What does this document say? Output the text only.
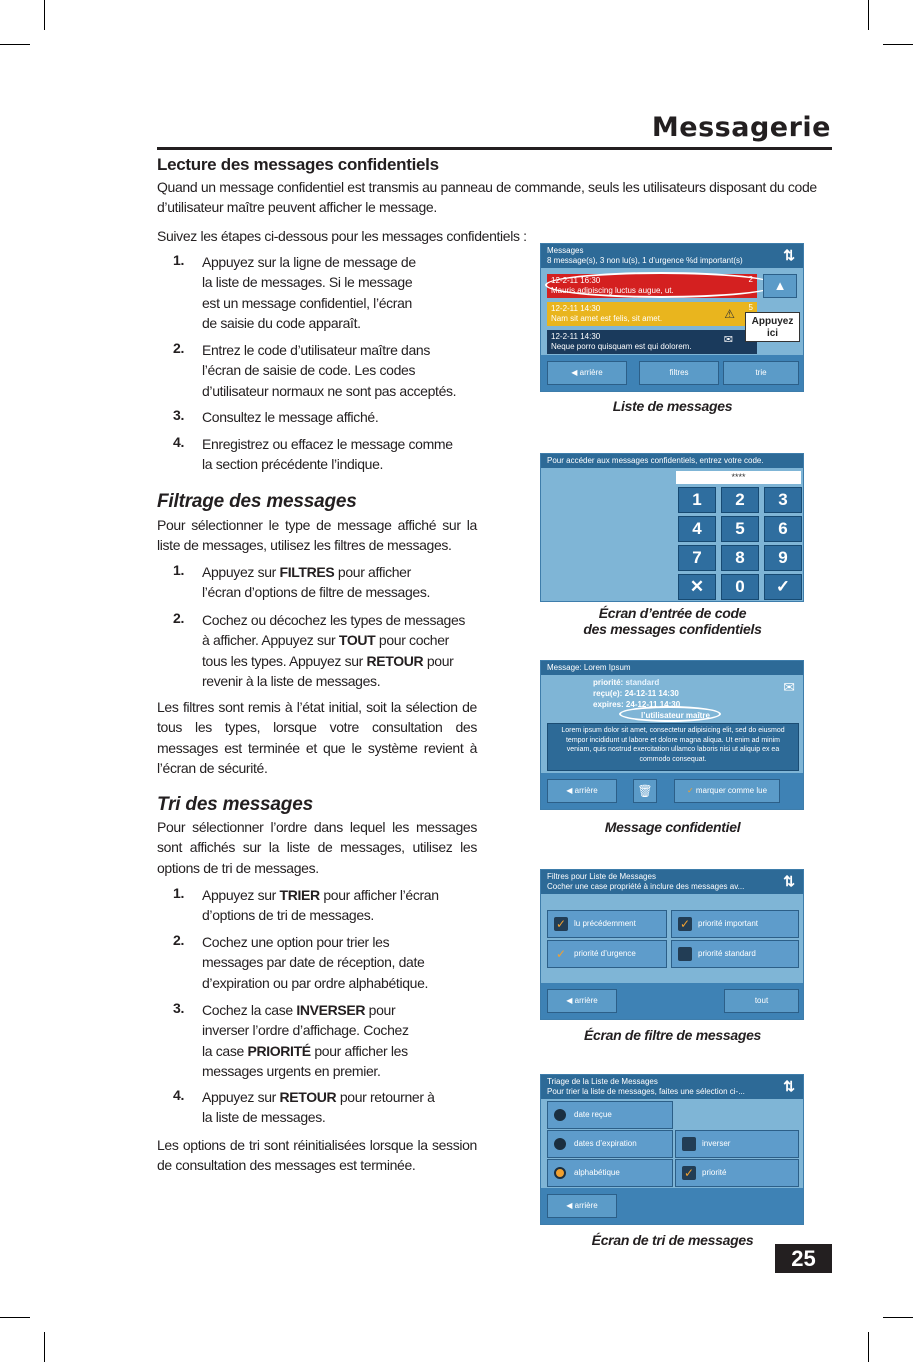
Messagerie
Lecture des messages confidentiels

Quand un message confidentiel est transmis au panneau de commande, seuls les utilisateurs disposant du code d’utilisateur maître peuvent afficher le message.

Suivez les étapes ci-dessous pour les messages confidentiels :

1. Appuyez sur la ligne de message de la liste de messages. Si le message est un message confidentiel, l’écran de saisie du code apparaît.
2. Entrez le code d’utilisateur maître dans l’écran de saisie de code. Les codes d’utilisateur normaux ne sont pas acceptés.
3. Consultez le message affiché.
4. Enregistrez ou effacez le message comme la section précédente l’indique.
Filtrage des messages

Pour sélectionner le type de message affiché sur la liste de messages, utilisez les filtres de messages.

1. Appuyez sur FILTRES pour afficher l’écran d’options de filtre de messages.
2. Cochez ou décochez les types de messages à afficher. Appuyez sur TOUT pour cocher tous les types. Appuyez sur RETOUR pour revenir à la liste de messages.

Les filtres sont remis à l’état initial, soit la sélection de tous les types, lorsque votre consultation des messages est terminée et que le système revient à l’écran de sécurité.

Tri des messages

Pour sélectionner l’ordre dans lequel les messages sont affichés sur la liste de messages, utilisez les options de tri de messages.

1. Appuyez sur TRIER pour afficher l’écran d’options de tri de messages.
2. Cochez une option pour trier les messages par date de réception, date d’expiration ou par ordre alphabétique.
3. Cochez la case INVERSER pour inverser l’ordre d’affichage. Cochez la case PRIORITÉ pour afficher les messages urgents en premier.
4. Appuyez sur RETOUR pour retourner à la liste de messages.

Les options de tri sont réinitialisées lorsque la session de consultation des messages est terminée.

Messages
8 message(s), 3 non lu(s), 1 d’urgence %d important(s)	⇅
12-2-11 16:30
Mauris adipiscing luctus augue, ut.
2
12-2-11 14:30
Nam sit amet est felis, sit amet.
5
⚠
12-2-11 14:30
Neque porro quisquam est qui dolorem.
✉
▲
Appuyez ici
◀ arrière	filtres	trie
Liste de messages
Pour accéder aux messages confidentiels, entrez votre code.
****
1	2	3
4	5	6
7	8	9
✕	0	✓
Écran d’entrée de code
des messages confidentiels
Message: Lorem Ipsum
priorité: standard
reçu(e): 24-12-11 14:30
expires: 24-12-11 14:30
l’utilisateur maître
✉
Lorem ipsum dolor sit amet, consectetur adipisicing elit, sed do eiusmod tempor incididunt ut labore et dolore magna aliqua. Ut enim ad minim veniam, quis nostrud exercitation ullamco laboris nisi ut aliquip ex ea commodo consequat.
◀ arrière	🗑	✓ marquer comme lue
Message confidentiel
Filtres pour Liste de Messages
Cocher une case propriété à inclure des messages av...	⇅
✓ lu précédemment	✓ priorité important
✓ priorité d’urgence	priorité standard
◀ arrière	tout
Écran de filtre de messages
Triage de la Liste de Messages
Pour trier la liste de messages, faites une sélection ci-...	⇅
date reçue
dates d’expiration	inverser
alphabétique	✓ priorité
◀ arrière
Écran de tri de messages
25
